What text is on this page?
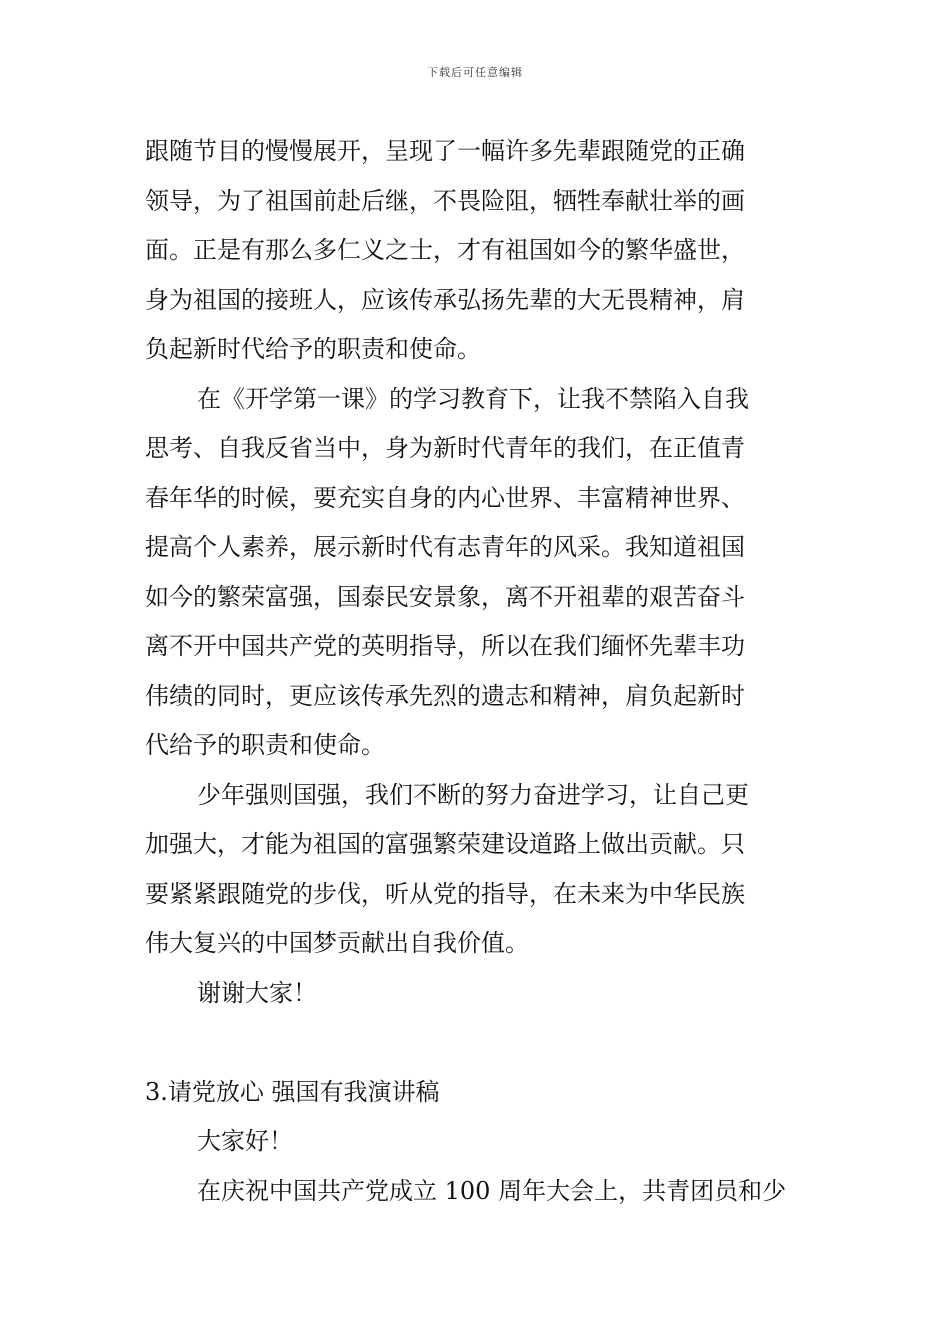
下载后可任意编辑
跟随节目的慢慢展开，呈现了一幅许多先辈跟随党的正确
领导，为了祖国前赴后继，不畏险阻，牺牲奉献壮举的画
面。正是有那么多仁义之士，才有祖国如今的繁华盛世，
身为祖国的接班人，应该传承弘扬先辈的大无畏精神，肩
负起新时代给予的职责和使命。
在《开学第一课》的学习教育下，让我不禁陷入自我
思考、自我反省当中，身为新时代青年的我们，在正值青
春年华的时候，要充实自身的内心世界、丰富精神世界、
提高个人素养，展示新时代有志青年的风采。我知道祖国
如今的繁荣富强，国泰民安景象，离不开祖辈的艰苦奋斗
离不开中国共产党的英明指导，所以在我们缅怀先辈丰功
伟绩的同时，更应该传承先烈的遗志和精神，肩负起新时
代给予的职责和使命。
少年强则国强，我们不断的努力奋进学习，让自己更
加强大，才能为祖国的富强繁荣建设道路上做出贡献。只
要紧紧跟随党的步伐，听从党的指导，在未来为中华民族
伟大复兴的中国梦贡献出自我价值。
谢谢大家！
3.请党放心 强国有我演讲稿
大家好！
在庆祝中国共产党成立 100 周年大会上，共青团员和少
